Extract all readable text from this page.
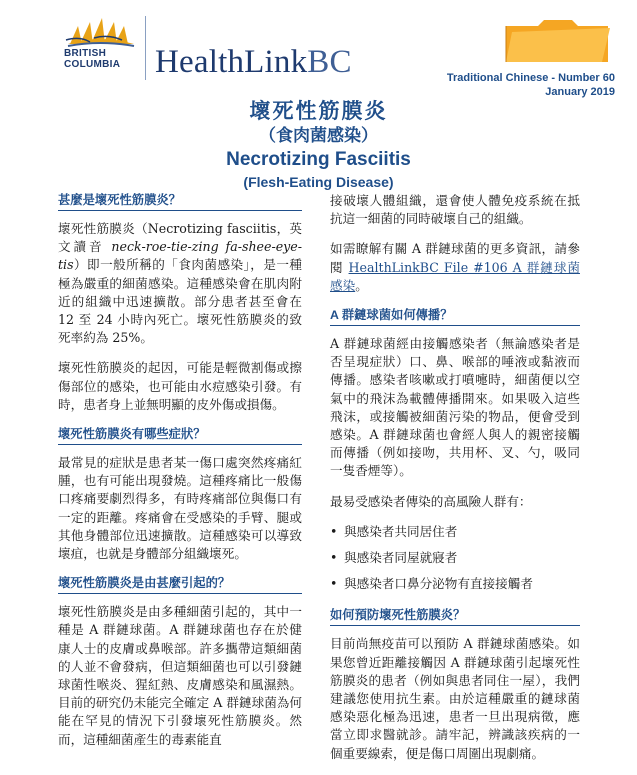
BRITISH
COLUMBIA HealthLinkBC	Traditional Chinese - Number 60
January 2019
壞死性筋膜炎
（食肉菌感染）
Necrotizing Fasciitis
(Flesh-Eating Disease)
甚麼是壞死性筋膜炎？

壞死性筋膜炎（Necrotizing fasciitis，英文讀音 neck-roe-tie-zing fa-shee-eye-tis）即一般所稱的「食肉菌感染」，是一種極為嚴重的細菌感染。這種感染會在肌肉附近的組織中迅速擴散。部分患者甚至會在 12 至 24 小時內死亡。壞死性筋膜炎的致死率約為 25%。

壞死性筋膜炎的起因，可能是輕微割傷或擦傷部位的感染，也可能由水痘感染引發。有時，患者身上並無明顯的皮外傷或損傷。

壞死性筋膜炎有哪些症狀？

最常見的症狀是患者某一傷口處突然疼痛紅腫，也有可能出現發燒。這種疼痛比一般傷口疼痛要劇烈得多，有時疼痛部位與傷口有一定的距離。疼痛會在受感染的手臂、腿或其他身體部位迅速擴散。這種感染可以導致壞疽，也就是身體部分組織壞死。

壞死性筋膜炎是由甚麼引起的？

壞死性筋膜炎是由多種細菌引起的，其中一種是 A 群鏈球菌。A 群鏈球菌也存在於健康人士的皮膚或鼻喉部。許多攜帶這類細菌的人並不會發病，但這類細菌也可以引發鏈球菌性喉炎、猩紅熱、皮膚感染和風濕熱。目前的研究仍未能完全確定 A 群鏈球菌為何能在罕見的情況下引發壞死性筋膜炎。然而，這種細菌產生的毒素能直

接破壞人體組織，還會使人體免疫系統在抵抗這一細菌的同時破壞自己的組織。

如需瞭解有關 A 群鏈球菌的更多資訊，請參閱 HealthLinkBC File #106 A 群鏈球菌感染。

A 群鏈球菌如何傳播？

A 群鏈球菌經由接觸感染者（無論感染者是否呈現症狀）口、鼻、喉部的唾液或黏液而傳播。感染者咳嗽或打噴嚏時，細菌便以空氣中的飛沫為載體傳播開來。如果吸入這些飛沫，或接觸被細菌污染的物品，便會受到感染。A 群鏈球菌也會經人與人的親密接觸而傳播（例如接吻，共用杯、叉、勺，吸同一隻香煙等）。

最易受感染者傳染的高風險人群有：

• 與感染者共同居住者
• 與感染者同屋就寢者
• 與感染者口鼻分泌物有直接接觸者
如何預防壞死性筋膜炎？

目前尚無疫苗可以預防 A 群鏈球菌感染。如果您曾近距離接觸因 A 群鏈球菌引起壞死性筋膜炎的患者（例如與患者同住一屋），我們建議您使用抗生素。由於這種嚴重的鏈球菌感染惡化極為迅速，患者一旦出現病徵，應當立即求醫就診。請牢記，辨識該疾病的一個重要線索，便是傷口周圍出現劇痛。
